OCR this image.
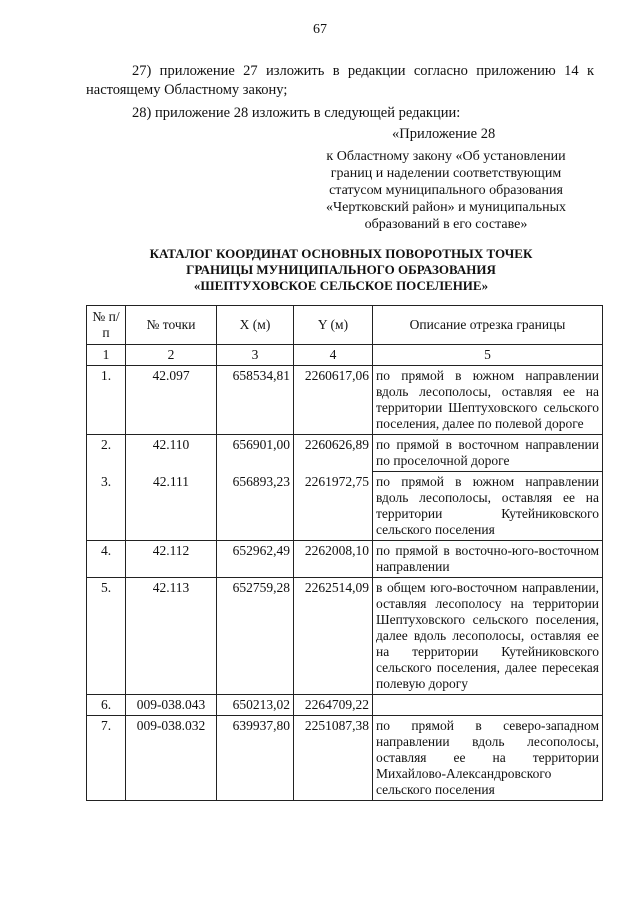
67
27) приложение 27 изложить в редакции согласно приложению 14 к настоящему Областному закону;
28) приложение 28 изложить в следующей редакции:
«Приложение 28
к Областному закону «Об установлении
границ и наделении соответствующим
статусом муниципального образования
«Чертковский район» и муниципальных
образований в его составе»
КАТАЛОГ КООРДИНАТ ОСНОВНЫХ ПОВОРОТНЫХ ТОЧЕК
ГРАНИЦЫ МУНИЦИПАЛЬНОГО ОБРАЗОВАНИЯ
«ШЕПТУХОВСКОЕ СЕЛЬСКОЕ ПОСЕЛЕНИЕ»
№ п/п	№ точки	X (м)	Y (м)	Описание отрезка границы
1	2	3	4	5
1.	42.097	658534,81	2260617,06	по прямой в южном направлении вдоль лесополосы, оставляя ее на территории Шептуховского сельского поселения, далее по полевой дороге
2.	42.110	656901,00	2260626,89	по прямой в восточном направлении по проселочной дороге
3.	42.111	656893,23	2261972,75	по прямой в южном направлении вдоль лесополосы, оставляя ее на территории Кутейниковского сельского поселения
4.	42.112	652962,49	2262008,10	по прямой в восточно-юго-восточном направлении
5.	42.113	652759,28	2262514,09	в общем юго-восточном направлении, оставляя лесополосу на территории Шептуховского сельского поселения, далее вдоль лесополосы, оставляя ее на территории Кутейниковского сельского поселения, далее пересекая полевую дорогу
6.	009-038.043	650213,02	2264709,22	
7.	009-038.032	639937,80	2251087,38	по прямой в северо-западном направлении вдоль лесополосы, оставляя ее на территории Михайлово-Александровского сельского поселения
